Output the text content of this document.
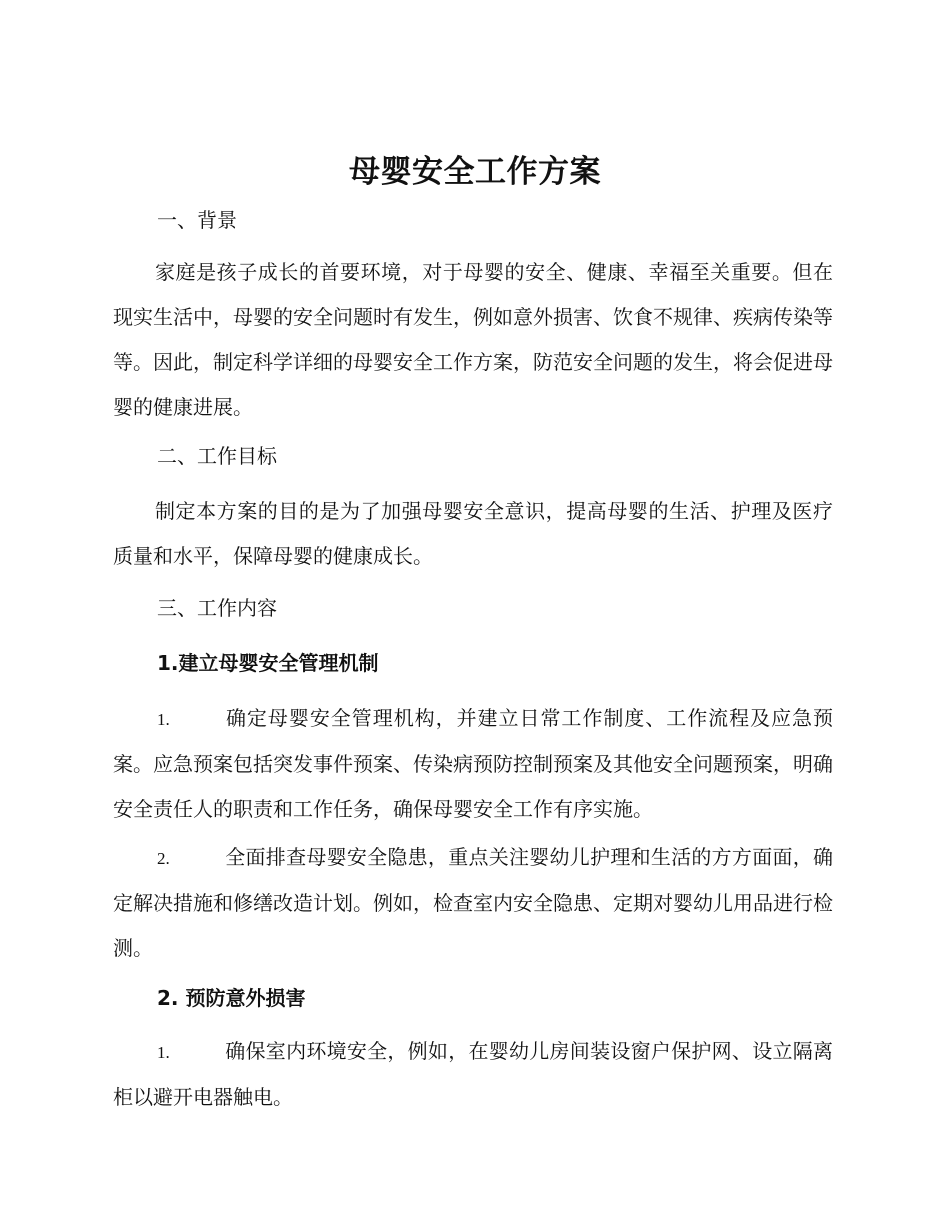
母婴安全工作方案
一、背景

家庭是孩子成长的首要环境，对于母婴的安全、健康、幸福至关重要。但在现实生活中，母婴的安全问题时有发生，例如意外损害、饮食不规律、疾病传染等等。因此，制定科学详细的母婴安全工作方案，防范安全问题的发生，将会促进母婴的健康进展。

二、工作目标

制定本方案的目的是为了加强母婴安全意识，提高母婴的生活、护理及医疗质量和水平，保障母婴的健康成长。

三、工作内容
1.建立母婴安全管理机制

1.	确定母婴安全管理机构，并建立日常工作制度、工作流程及应急预案。应急预案包括突发事件预案、传染病预防控制预案及其他安全问题预案，明确安全责任人的职责和工作任务，确保母婴安全工作有序实施。

2.	全面排查母婴安全隐患，重点关注婴幼儿护理和生活的方方面面，确定解决措施和修缮改造计划。例如，检查室内安全隐患、定期对婴幼儿用品进行检测。

2. 预防意外损害

1.	确保室内环境安全，例如，在婴幼儿房间装设窗户保护网、设立隔离柜以避开电器触电。
